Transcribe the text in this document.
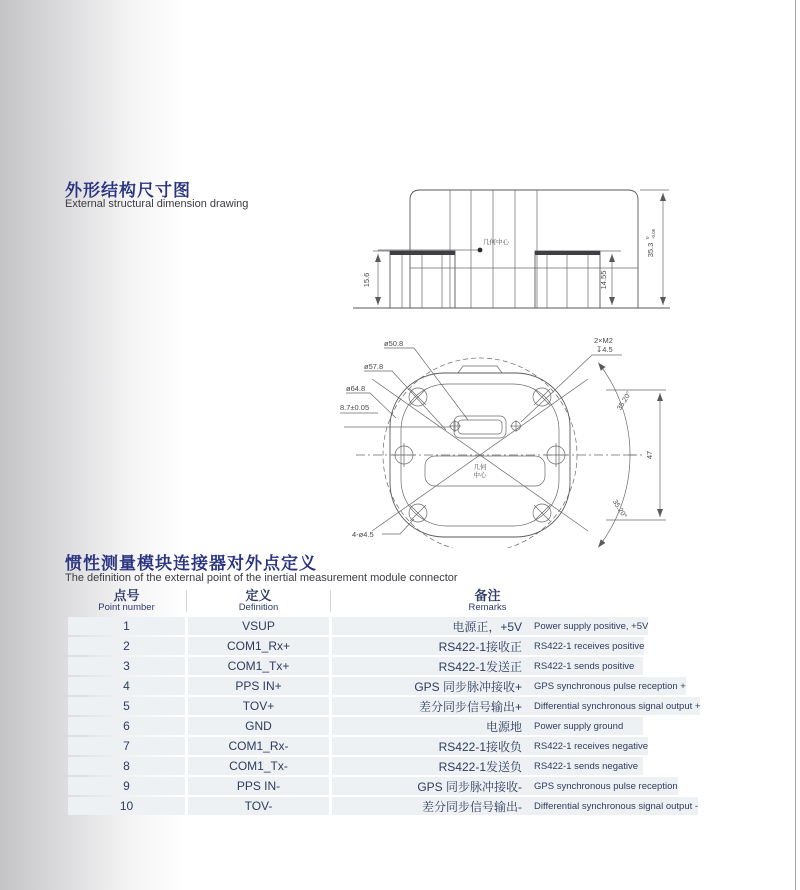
外形结构尺寸图
External structural dimension drawing
几何中心
15.6	14.55
35.3
0 -0.05
35.20°
35.20°
47
ø50.8
ø57.8
ø64.8
8.7±0.05
2×M2
↧4.5
4-ø4.5
几何
中心
惯性测量模块连接器对外点定义
The definition of the external point of the inertial measurement module connector
点号
Point number
定义
Definition
备注
Remarks
1	VSUP	电源正，+5V Power supply positive, +5V
2	COM1_Rx+	RS422-1接收正 RS422-1 receives positive
3	COM1_Tx+	RS422-1发送正 RS422-1 sends positive
4	PPS IN+	GPS 同步脉冲接收+ GPS synchronous pulse reception +
5	TOV+	差分同步信号输出+ Differential synchronous signal output +
6	GND	电源地 Power supply ground
7	COM1_Rx-	RS422-1接收负 RS422-1 receives negative
8	COM1_Tx-	RS422-1发送负 RS422-1 sends negative
9	PPS IN-	GPS 同步脉冲接收- GPS synchronous pulse reception
10	TOV-	差分同步信号输出- Differential synchronous signal output -
